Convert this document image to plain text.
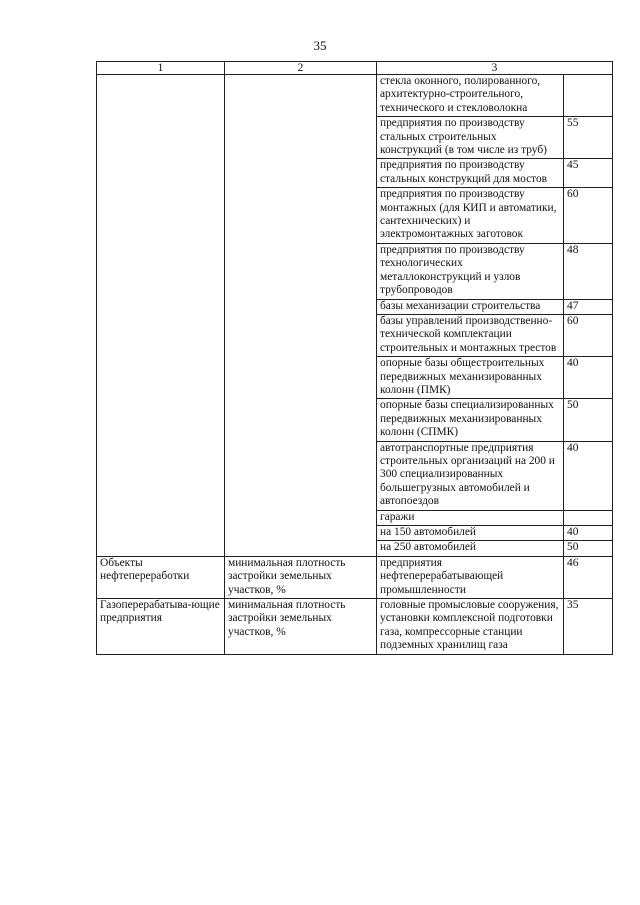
35
1	2	3	
		стекла оконного, полированного, архитектурно-строительного, технического и стекловолокна	
		предприятия по производству стальных строительных конструкций (в том числе из труб)	55
		предприятия по производству стальных конструкций для мостов	45
		предприятия по производству монтажных (для КИП и автоматики, сантехнических) и электромонтажных заготовок	60
		предприятия по производству технологических металлоконструкций и узлов трубопроводов	48
		базы механизации строительства	47
		базы управлений производственно-технической комплектации строительных и монтажных трестов	60
		опорные базы общестроительных передвижных механизированных колонн (ПМК)	40
		опорные базы специализированных передвижных механизированных колонн (СПМК)	50
		автотранспортные предприятия строительных организаций на 200 и 300 специализированных большегрузных автомобилей и автопоездов	40
		гаражи	
		на 150 автомобилей	40
		на 250 автомобилей	50
Объекты нефтепереработки	минимальная плотность застройки земельных участков, %	предприятия нефтеперерабатывающей промышленности	46
Газоперерабатыва-ющие предприятия	минимальная плотность застройки земельных участков, %	головные промысловые сооружения, установки комплексной подготовки газа, компрессорные станции подземных хранилищ газа	35
